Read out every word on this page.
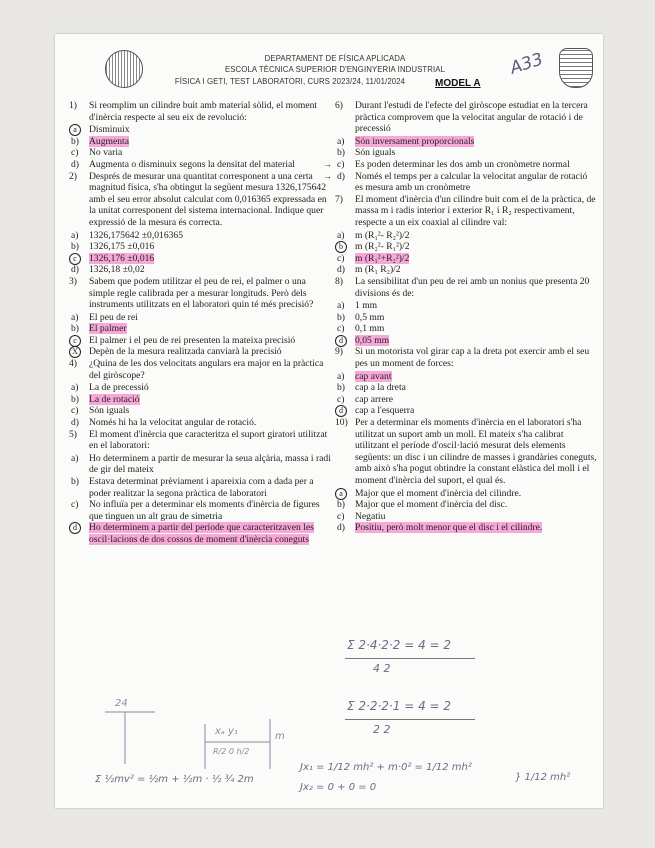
DEPARTAMENT DE FÍSICA APLICADA
ESCOLA TÈCNICA SUPERIOR D'ENGINYERIA INDUSTRIAL
FÍSICA I GETI, TEST LABORATORI, CURS 2023/24, 11/01/2024	MODEL A
A33
1) Si reomplim un cilindre buit amb material sòlid, el moment d'inèrcia respecte al seu eix de revolució:
a	Disminuix
b) Augmenta
c) No varia
d) Augmenta o disminuix segons la densitat del material
2) Després de mesurar una quantitat corresponent a una certa magnitud física, s'ha obtingut la següent mesura 1326,175642 amb el seu error absolut calculat com 0,016365 expressada en la unitat corresponent del sistema internacional. Indique quer expressió de la mesura és correcta.
a) 1326,175642 ±0,016365
b) 1326,175 ±0,016
c	1326,176 ±0,016
d) 1326,18 ±0,02
3) Sabem que podem utilitzar el peu de rei, el palmer o una simple regle calibrada per a mesurar longituds. Però dels instruments utilitzats en el laboratori quin té més precisió?
a) El peu de rei
b) El palmer
c	El palmer i el peu de rei presenten la mateixa precisió
X	Depèn de la mesura realitzada canviarà la precisió
4) ¿Quina de les dos velocitats angulars era major en la pràctica del giròscope?
a) La de precessió
b) La de rotació
c) Són iguals
d) Només hi ha la velocitat angular de rotació.
5) El moment d'inèrcia que caracteritza el suport giratori utilitzat en el laboratori:
a) Ho determinem a partir de mesurar la seua alçària, massa i radi de gir del mateix
b) Estava determinat prèviament i apareixia com a dada per a poder realitzar la segona pràctica de laboratori
c) No influïa per a determinar els moments d'inèrcia de figures que tinguen un alt grau de simetria
d	Ho determinem a partir del període que caracteritzaven les oscil·lacions de dos cossos de moment d'inèrcia coneguts
6) Durant l'estudi de l'efecte del giròscope estudiat en la tercera pràctica comprovem que la velocitat angular de rotació i de precessió
a) Són inversament proporcionals
b) Són iguals
c)
→ Es poden determinar les dos amb un cronòmetre normal
d)
→ Només el temps per a calcular la velocitat angular de rotació es mesura amb un cronòmetre
7) El moment d'inèrcia d'un cilindre buit com el de la pràctica, de massa m i radis interior i exterior R₁ i R₂ respectivament, respecte a un eix coaxial al cilindre val:
a) m (R₁²- R₂²)/2
b	m (R₂²- R₁²)/2
c) m (R₁²+R₂²)/2
d) m (R₁ R₂)/2
8) La sensibilitat d'un peu de rei amb un nonius que presenta 20 divisions és de:
a) 1 mm
b) 0,5 mm
c) 0,1 mm
d	0,05 mm
9) Si un motorista vol girar cap a la dreta pot exercir amb el seu pes un moment de forces:
a) cap avant
b) cap a la dreta
c) cap arrere
d	cap a l'esquerra
10) Per a determinar els moments d'inèrcia en el laboratori s'ha utilitzat un suport amb un moll. El mateix s'ha calibrat utilitzant el període d'oscil·lació mesurat dels elements següents: un disc i un cilindre de masses i grandàries coneguts, amb això s'ha pogut obtindre la constant elàstica del moll i el moment d'inèrcia del suport, el qual és.
a	Major que el moment d'inèrcia del cilindre.
b) Major que el moment d'inèrcia del disc.
c) Negatiu
d) Positiu, però molt menor que el disc i el cilindre.
Σ 2·4·2·2 = 4 = 2
4 2
Σ 2·2·2·1 = 4 = 2
2 2
24
xₐ y₁
R/2 0 h/2
m
Σ ½mv² = ½m + ½m · ½ ¾ 2m
Jx₁ = 1/12 mh² + m·0² = 1/12 mh²
Jx₂ = 0 + 0 = 0
} 1/12 mh²
